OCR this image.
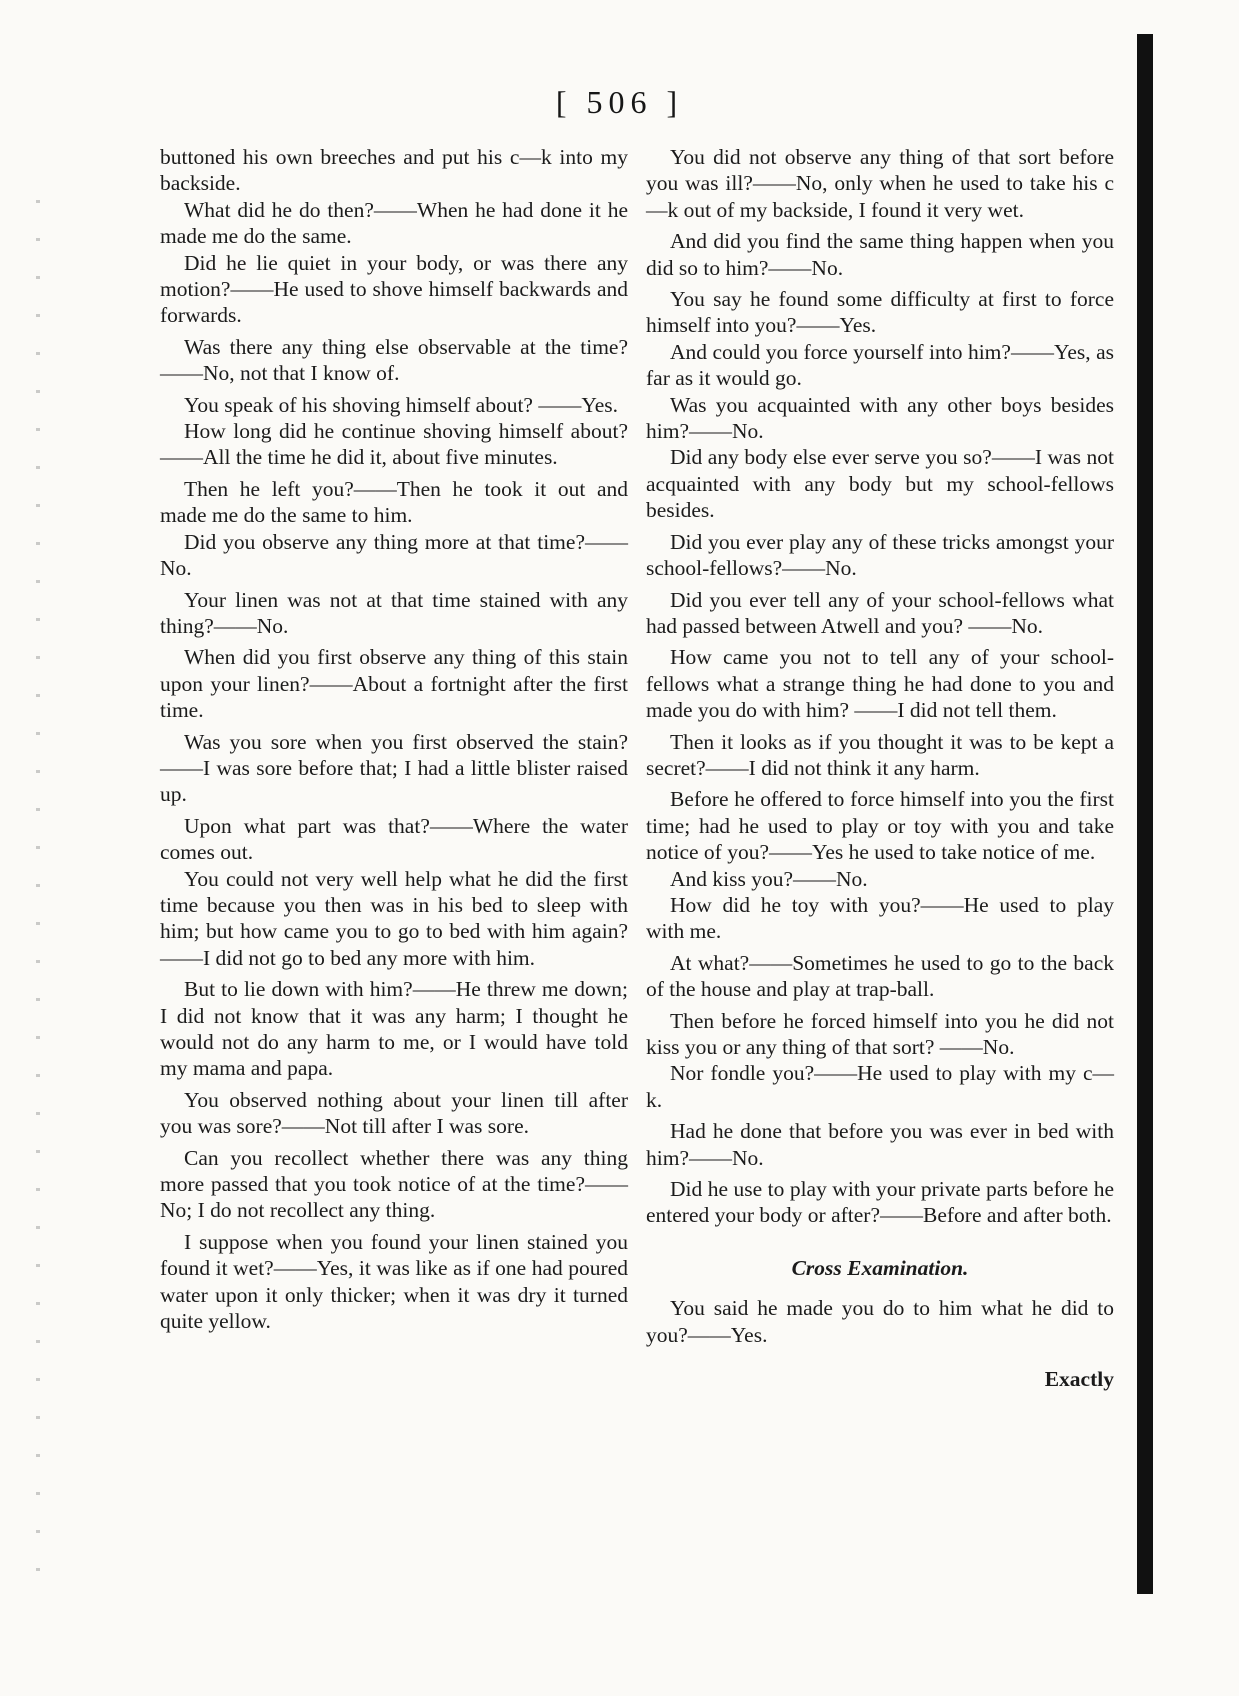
[ 506 ]

buttoned his own breeches and put his c—k into my backside.

What did he do then?——When he had done it he made me do the same.

Did he lie quiet in your body, or was there any motion?——He used to shove himself backwards and forwards.

Was there any thing else observable at the time?——No, not that I know of.

You speak of his shoving himself about? ——Yes.

How long did he continue shoving himself about?——All the time he did it, about five minutes.

Then he left you?——Then he took it out and made me do the same to him.

Did you observe any thing more at that time?——No.

Your linen was not at that time stained with any thing?——No.

When did you first observe any thing of this stain upon your linen?——About a fortnight after the first time.

Was you sore when you first observed the stain?——I was sore before that; I had a little blister raised up.

Upon what part was that?——Where the water comes out.

You could not very well help what he did the first time because you then was in his bed to sleep with him; but how came you to go to bed with him again?——I did not go to bed any more with him.

But to lie down with him?——He threw me down; I did not know that it was any harm; I thought he would not do any harm to me, or I would have told my mama and papa.

You observed nothing about your linen till after you was sore?——Not till after I was sore.

Can you recollect whether there was any thing more passed that you took notice of at the time?——No; I do not recollect any thing.

I suppose when you found your linen stained you found it wet?——Yes, it was like as if one had poured water upon it only thicker; when it was dry it turned quite yellow.

You did not observe any thing of that sort before you was ill?——No, only when he used to take his c—k out of my backside, I found it very wet.

And did you find the same thing happen when you did so to him?——No.

You say he found some difficulty at first to force himself into you?——Yes.

And could you force yourself into him?——Yes, as far as it would go.

Was you acquainted with any other boys besides him?——No.

Did any body else ever serve you so?——I was not acquainted with any body but my school-fellows besides.

Did you ever play any of these tricks amongst your school-fellows?——No.

Did you ever tell any of your school-fellows what had passed between Atwell and you? ——No.

How came you not to tell any of your school-fellows what a strange thing he had done to you and made you do with him? ——I did not tell them.

Then it looks as if you thought it was to be kept a secret?——I did not think it any harm.

Before he offered to force himself into you the first time; had he used to play or toy with you and take notice of you?——Yes he used to take notice of me.

And kiss you?——No.

How did he toy with you?——He used to play with me.

At what?——Sometimes he used to go to the back of the house and play at trap-ball.

Then before he forced himself into you he did not kiss you or any thing of that sort? ——No.

Nor fondle you?——He used to play with my c—k.

Had he done that before you was ever in bed with him?——No.

Did he use to play with your private parts before he entered your body or after?——Before and after both.

Cross Examination.

You said he made you do to him what he did to you?——Yes.

Exactly
